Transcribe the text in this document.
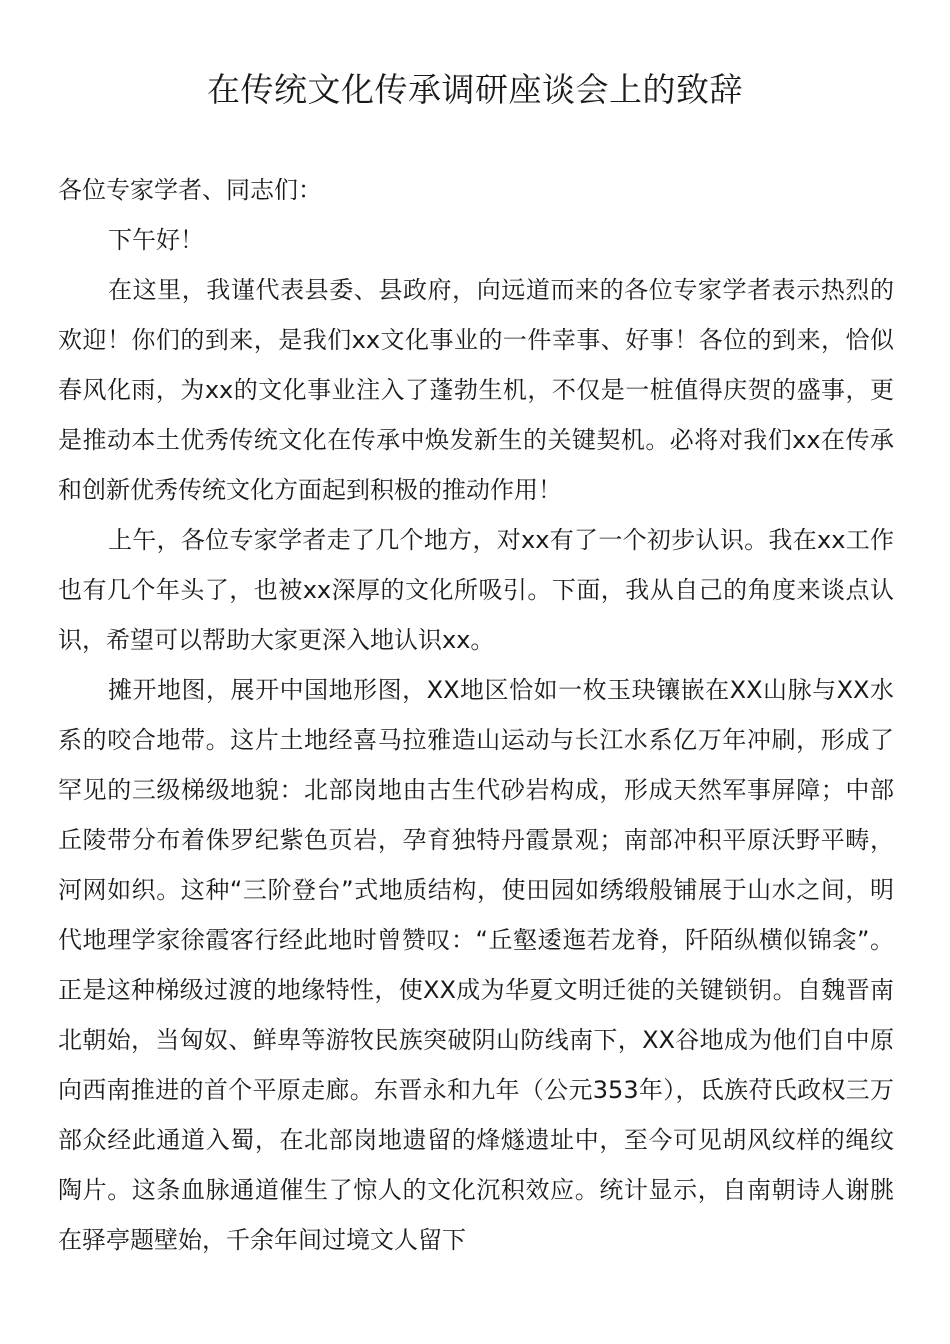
在传统文化传承调研座谈会上的致辞

各位专家学者、同志们：

下午好！

在这里，我谨代表县委、县政府，向远道而来的各位专家学者表示热烈的欢迎！你们的到来，是我们xx文化事业的一件幸事、好事！各位的到来，恰似春风化雨，为xx的文化事业注入了蓬勃生机，不仅是一桩值得庆贺的盛事，更是推动本土优秀传统文化在传承中焕发新生的关键契机。必将对我们xx在传承和创新优秀传统文化方面起到积极的推动作用！

上午，各位专家学者走了几个地方，对xx有了一个初步认识。我在xx工作也有几个年头了，也被xx深厚的文化所吸引。下面，我从自己的角度来谈点认识，希望可以帮助大家更深入地认识xx。

摊开地图，展开中国地形图，XX地区恰如一枚玉玦镶嵌在XX山脉与XX水系的咬合地带。这片土地经喜马拉雅造山运动与长江水系亿万年冲刷，形成了罕见的三级梯级地貌：北部岗地由古生代砂岩构成，形成天然军事屏障；中部丘陵带分布着侏罗纪紫色页岩，孕育独特丹霞景观；南部冲积平原沃野平畴，河网如织。这种“三阶登台”式地质结构，使田园如绣缎般铺展于山水之间，明代地理学家徐霞客行经此地时曾赞叹：“丘壑逶迤若龙脊，阡陌纵横似锦衾”。正是这种梯级过渡的地缘特性，使XX成为华夏文明迁徙的关键锁钥。自魏晋南北朝始，当匈奴、鲜卑等游牧民族突破阴山防线南下，XX谷地成为他们自中原向西南推进的首个平原走廊。东晋永和九年（公元353年），氐族苻氏政权三万部众经此通道入蜀，在北部岗地遗留的烽燧遗址中，至今可见胡风纹样的绳纹陶片。这条血脉通道催生了惊人的文化沉积效应。统计显示，自南朝诗人谢朓在驿亭题壁始，千余年间过境文人留下
